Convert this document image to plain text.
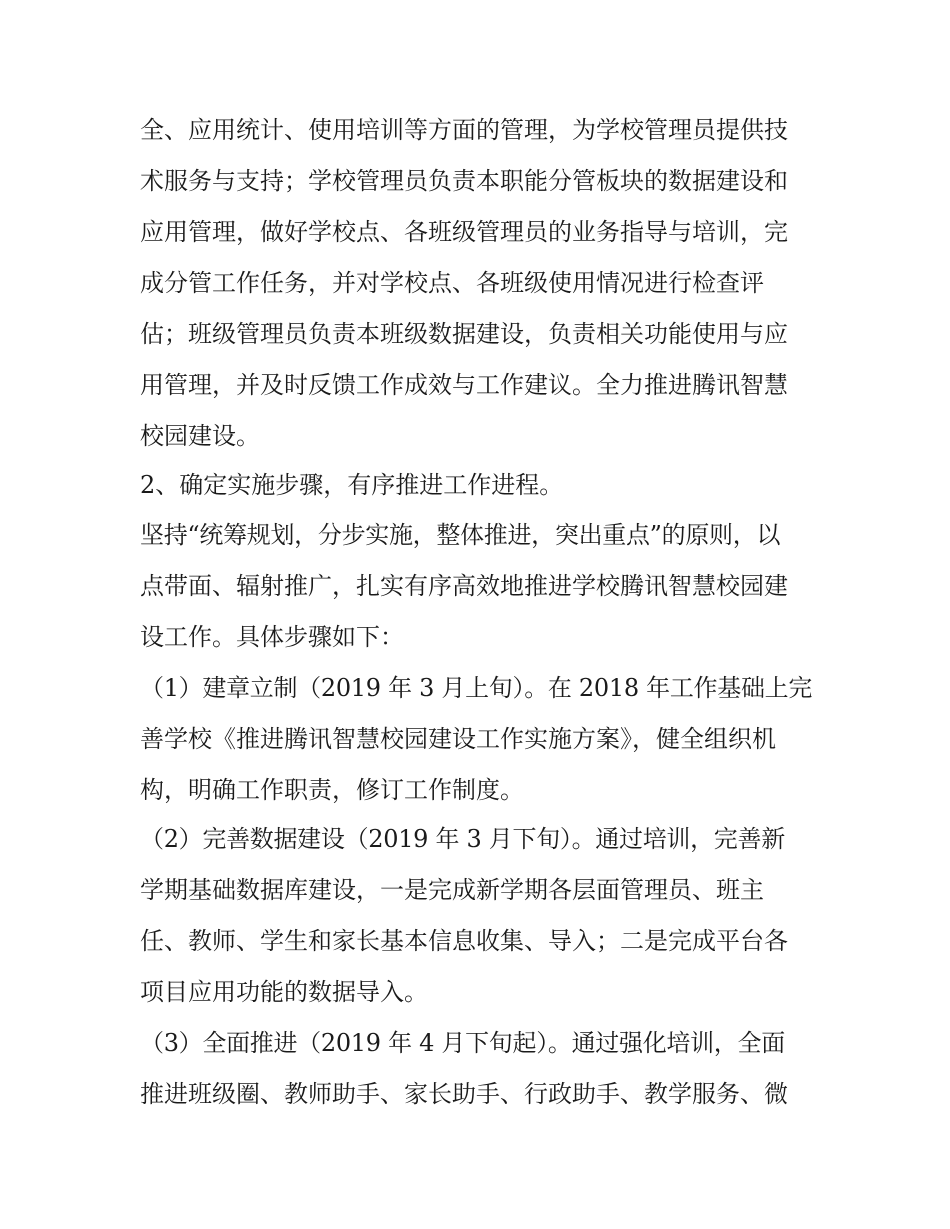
全、应用统计、使用培训等方面的管理，为学校管理员提供技
术服务与支持；学校管理员负责本职能分管板块的数据建设和
应用管理，做好学校点、各班级管理员的业务指导与培训，完
成分管工作任务，并对学校点、各班级使用情况进行检查评
估；班级管理员负责本班级数据建设，负责相关功能使用与应
用管理，并及时反馈工作成效与工作建议。全力推进腾讯智慧
校园建设。
2、确定实施步骤，有序推进工作进程。
坚持“统筹规划，分步实施，整体推进，突出重点”的原则，以
点带面、辐射推广，扎实有序高效地推进学校腾讯智慧校园建
设工作。具体步骤如下：
（1）建章立制（2019 年 3 月上旬）。在 2018 年工作基础上完
善学校《推进腾讯智慧校园建设工作实施方案》，健全组织机
构，明确工作职责，修订工作制度。
（2）完善数据建设（2019 年 3 月下旬）。通过培训，完善新
学期基础数据库建设，一是完成新学期各层面管理员、班主
任、教师、学生和家长基本信息收集、导入；二是完成平台各
项目应用功能的数据导入。
（3）全面推进（2019 年 4 月下旬起）。通过强化培训，全面
推进班级圈、教师助手、家长助手、行政助手、教学服务、微
